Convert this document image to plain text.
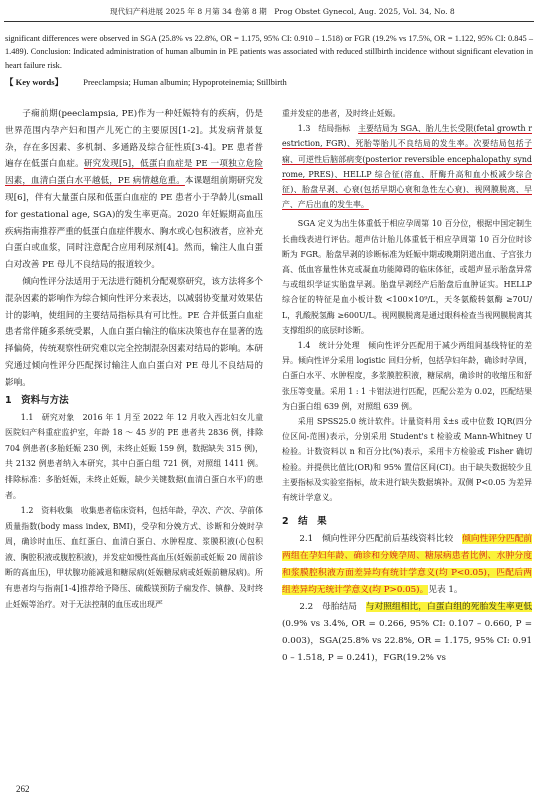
现代妇产科进展 2025 年 8 月第 34 卷第 8 期　Prog Obstet Gynecol, Aug. 2025, Vol. 34, No. 8
significant differences were observed in SGA (25.8% vs 22.8%, OR = 1.175, 95% CI: 0.910 – 1.518) or FGR (19.2% vs 17.5%, OR = 1.122, 95% CI: 0.845 – 1.489). Conclusion: Indicated administration of human albumin in PE patients was associated with reduced stillbirth incidence without significant elevation in heart failure risk.
【 Key words】 Preeclampsia; Human albumin; Hypoproteinemia; Stillbirth

子痫前期(peeclampsia, PE)作为一种妊娠特有的疾病，仍是世界范围内孕产妇和围产儿死亡的主要原因[1-2]。其发病背景复杂，存在多因素、多机制、多通路及综合征性质[3-4]。PE 患者普遍存在低蛋白血症。研究发现[5]，低蛋白血症是 PE 一项独立危险因素，血清白蛋白水平越低，PE 病情越危重。本课题组前期研究发现[6]，伴有大量蛋白尿和低蛋白血症的 PE 患者小于孕龄儿(small for gestational age, SGA)的发生率更高。2020 年妊娠期高血压疾病指南推荐严重的低蛋白血症伴腹水、胸水或心包积液者，应补充白蛋白或血浆，同时注意配合应用利尿剂[4]。然而，输注人血白蛋白对改善 PE 母儿不良结局的报道较少。

倾向性评分法适用于无法进行随机分配观察研究，该方法将多个混杂因素的影响作为综合倾向性评分来表达，以减弱协变量对效果估计的影响，使组间的主要结局指标具有可比性。PE 合并低蛋白血症患者常伴随多系统受累，人血白蛋白输注的临床决策也存在显著的选择偏倚，传统观察性研究难以完全控制混杂因素对结局的影响。本研究通过倾向性评分匹配探讨输注人血白蛋白对 PE 母儿不良结局的影响。

1　资料与方法

1.1　研究对象　 2016 年 1 月至 2022 年 12 月收入西北妇女儿童医院妇产科重症监护室，年龄 18 ～ 45 岁的 PE 患者共 2836 例，排除 704 例患者(多胎妊娠 230 例，未终止妊娠 159 例，数据缺失 315 例)，共 2132 例患者纳入本研究，其中白蛋白组 721 例，对照组 1411 例。排除标准：多胎妊娠，未终止妊娠，缺少关键数据(血清白蛋白水平)的患者。

1.2　资料收集　 收集患者临床资料，包括年龄，孕次、产次、孕前体质量指数(body mass index, BMI)，受孕和分娩方式、诊断和分娩时孕周，确诊时血压、血红蛋白、血清白蛋白、水肿程度、浆膜积液(心包积液、胸腔积液或腹腔积液)，并发症如慢性高血压(妊娠前或妊娠 20 周前诊断的高血压)，甲状腺功能减退和糖尿病(妊娠糖尿病或妊娠前糖尿病)。所有患者均与指南[1-4]推荐给予降压、硫酸镁预防子痫发作、镇静、及时终止妊娠等治疗。对于无法控制的血压或出现严

重并发症的患者，及时终止妊娠。

1.3　结局指标　 主要结局为 SGA、胎儿生长受限(fetal growth restriction, FGR)、死胎等胎儿不良结局的发生率。次要结局包括子痫、可逆性后脑部病变(posterior reversible encephalopathy syndrome, PRES)、HELLP 综合征(溶血、肝酶升高和血小板减少综合征)、胎盘早剥、心衰(包括早期心衰和急性左心衰)、视网膜脱离、早产、产后出血的发生率。

SGA 定义为出生体重低于相应孕周第 10 百分位，根据中国定制生长曲线表进行评估。超声估计胎儿体重低于相应孕周第 10 百分位时诊断为 FGR。胎盘早剥的诊断标准为妊娠中期或晚期阴道出血、子宫张力高、低血容量性休克或凝血功能障碍的临床体征，或超声显示胎盘异常与或组织学证实胎盘早剥。胎盘早剥经产后胎盘后血肿证实。HELLP 综合征的特征是血小板计数 <100×10⁹/L，天冬氨酸转氨酶 ≥70U/L，乳酸脱氢酶 ≥600U/L。视网膜脱离是通过眼科检查当视网膜脱离其支撑组织的底层时诊断。

1.4　统计分处理　 倾向性评分匹配用于减少两组间基线特征的差异。倾向性评分采用 logistic 回归分析，包括孕妇年龄，确诊时孕周，白蛋白水平、水肿程度，多浆膜腔积液，糖尿病，确诊时的收缩压和舒张压等变量。采用 1 : 1 卡钳法进行匹配，匹配公差为 0.02，匹配结果为白蛋白组 639 例，对照组 639 例。

采用 SPSS25.0 统计软件。计量资料用 x̄±s 或中位数 IQR(四分位区间-范围)表示，分别采用 Student's t 检验或 Mann-Whitney U 检验。计数资料以 n 和百分比(%)表示，采用卡方检验或 Fisher 确切检验。并提供比值比(OR)和 95% 置信区间(CI)。由于缺失数据较少且主要指标及实验室指标，故未进行缺失数据填补。双侧 P<0.05 为差异有统计学意义。

2　结　果

2.1　倾向性评分匹配前后基线资料比较　 倾向性评分匹配前两组在孕妇年龄、确诊和分娩孕周、糖尿病患者比例、水肿分度和浆膜腔积液方面差异均有统计学意义(均 P<0.05)，匹配后两组差异均无统计学意义(均 P>0.05)。见表 1。

2.2　母胎结局　 与对照组相比，白蛋白组的死胎发生率更低(0.9% vs 3.4%, OR = 0.266, 95% CI: 0.107 – 0.660, P = 0.003)，SGA(25.8% vs 22.8%, OR = 1.175, 95% CI: 0.910 – 1.518, P = 0.241)，FGR(19.2% vs

262
